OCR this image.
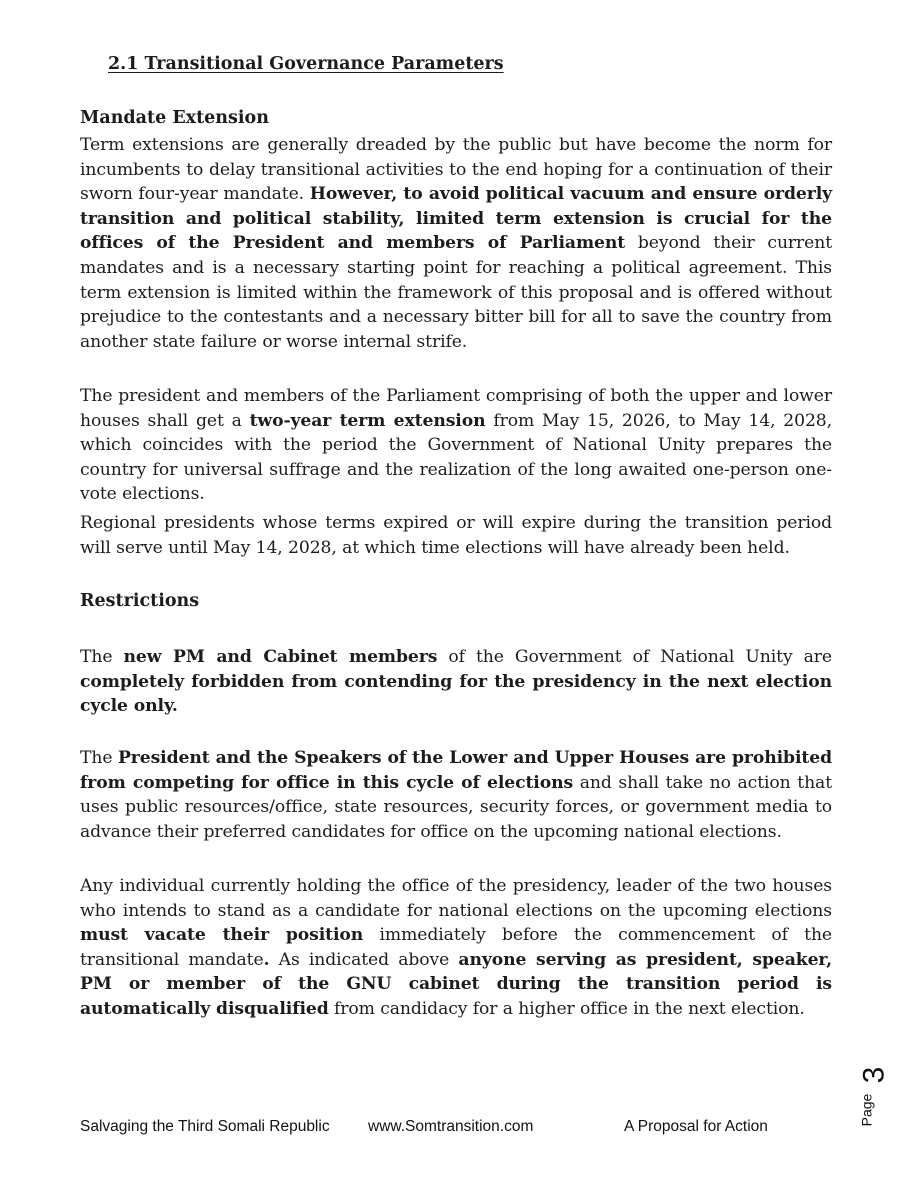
2.1 Transitional Governance Parameters
Mandate Extension

Term extensions are generally dreaded by the public but have become the norm for incumbents to delay transitional activities to the end hoping for a continuation of their sworn four-year mandate. However, to avoid political vacuum and ensure orderly transition and political stability, limited term extension is crucial for the offices of the President and members of Parliament beyond their current mandates and is a necessary starting point for reaching a political agreement. This term extension is limited within the framework of this proposal and is offered without prejudice to the contestants and a necessary bitter bill for all to save the country from another state failure or worse internal strife.

The president and members of the Parliament comprising of both the upper and lower houses shall get a two-year term extension from May 15, 2026, to May 14, 2028, which coincides with the period the Government of National Unity prepares the country for universal suffrage and the realization of the long awaited one-person one-vote elections.

Regional presidents whose terms expired or will expire during the transition period will serve until May 14, 2028, at which time elections will have already been held.

Restrictions

The new PM and Cabinet members of the Government of National Unity are completely forbidden from contending for the presidency in the next election cycle only.

The President and the Speakers of the Lower and Upper Houses are prohibited from competing for office in this cycle of elections and shall take no action that uses public resources/office, state resources, security forces, or government media to advance their preferred candidates for office on the upcoming national elections.

Any individual currently holding the office of the presidency, leader of the two houses who intends to stand as a candidate for national elections on the upcoming elections must vacate their position immediately before the commencement of the transitional mandate. As indicated above anyone serving as president, speaker, PM or member of the GNU cabinet during the transition period is automatically disqualified from candidacy for a higher office in the next election.

3
Page
Salvaging the Third Somali Republic www.Somtransition.com	A Proposal for Action
